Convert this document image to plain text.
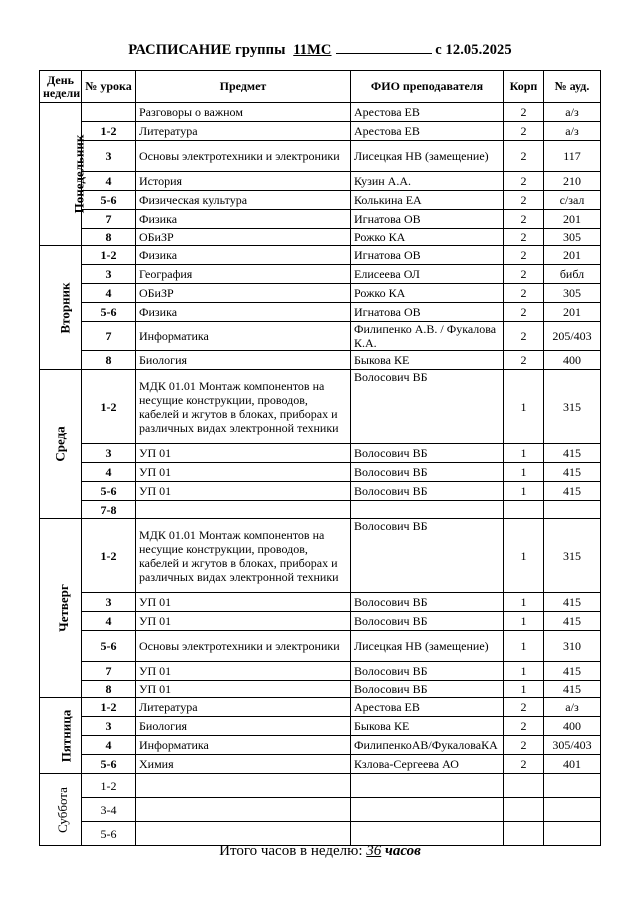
РАСПИСАНИЕ группы 11МС	с 12.05.2025
День недели	№ урока	Предмет	ФИО преподавателя	Корп	№ ауд.
Понедельник		Разговоры о важном	Арестова ЕВ	2	а/з
	1-2	Литература	Арестова ЕВ	2	а/з
	3	Основы электротехники и электроники	Лисецкая НВ (замещение)	2	117
	4	История	Кузин А.А.	2	210
	5-6	Физическая культура	Колькина ЕА	2	с/зал
	7	Физика	Игнатова ОВ	2	201
	8	ОБиЗР	Рожко КА	2	305
Вторник	1-2	Физика	Игнатова ОВ	2	201
	3	География	Елисеева ОЛ	2	библ
	4	ОБиЗР	Рожко КА	2	305
	5-6	Физика	Игнатова ОВ	2	201
	7	Информатика	Филипенко А.В. / Фукалова К.А.	2	205/403
	8	Биология	Быкова КЕ	2	400
Среда	1-2	МДК 01.01 Монтаж компонентов на несущие конструкции, проводов, кабелей и жгутов в блоках, приборах и различных видах электронной техники	Волосович ВБ	1	315
	3	УП 01	Волосович ВБ	1	415
	4	УП 01	Волосович ВБ	1	415
	5-6	УП 01	Волосович ВБ	1	415
	7-8				
Четверг	1-2	МДК 01.01 Монтаж компонентов на несущие конструкции, проводов, кабелей и жгутов в блоках, приборах и различных видах электронной техники	Волосович ВБ	1	315
	3	УП 01	Волосович ВБ	1	415
	4	УП 01	Волосович ВБ	1	415
	5-6	Основы электротехники и электроники	Лисецкая НВ (замещение)	1	310
	7	УП 01	Волосович ВБ	1	415
	8	УП 01	Волосович ВБ	1	415
Пятница	1-2	Литература	Арестова ЕВ	2	а/з
	3	Биология	Быкова КЕ	2	400
	4	Информатика	ФилипенкоАВ/ФукаловаКА	2	305/403
	5-6	Химия	Кзлова-Сергеева АО	2	401
Суббота	1-2				
	3-4				
	5-6				
Итого часов в неделю: 36 часов
